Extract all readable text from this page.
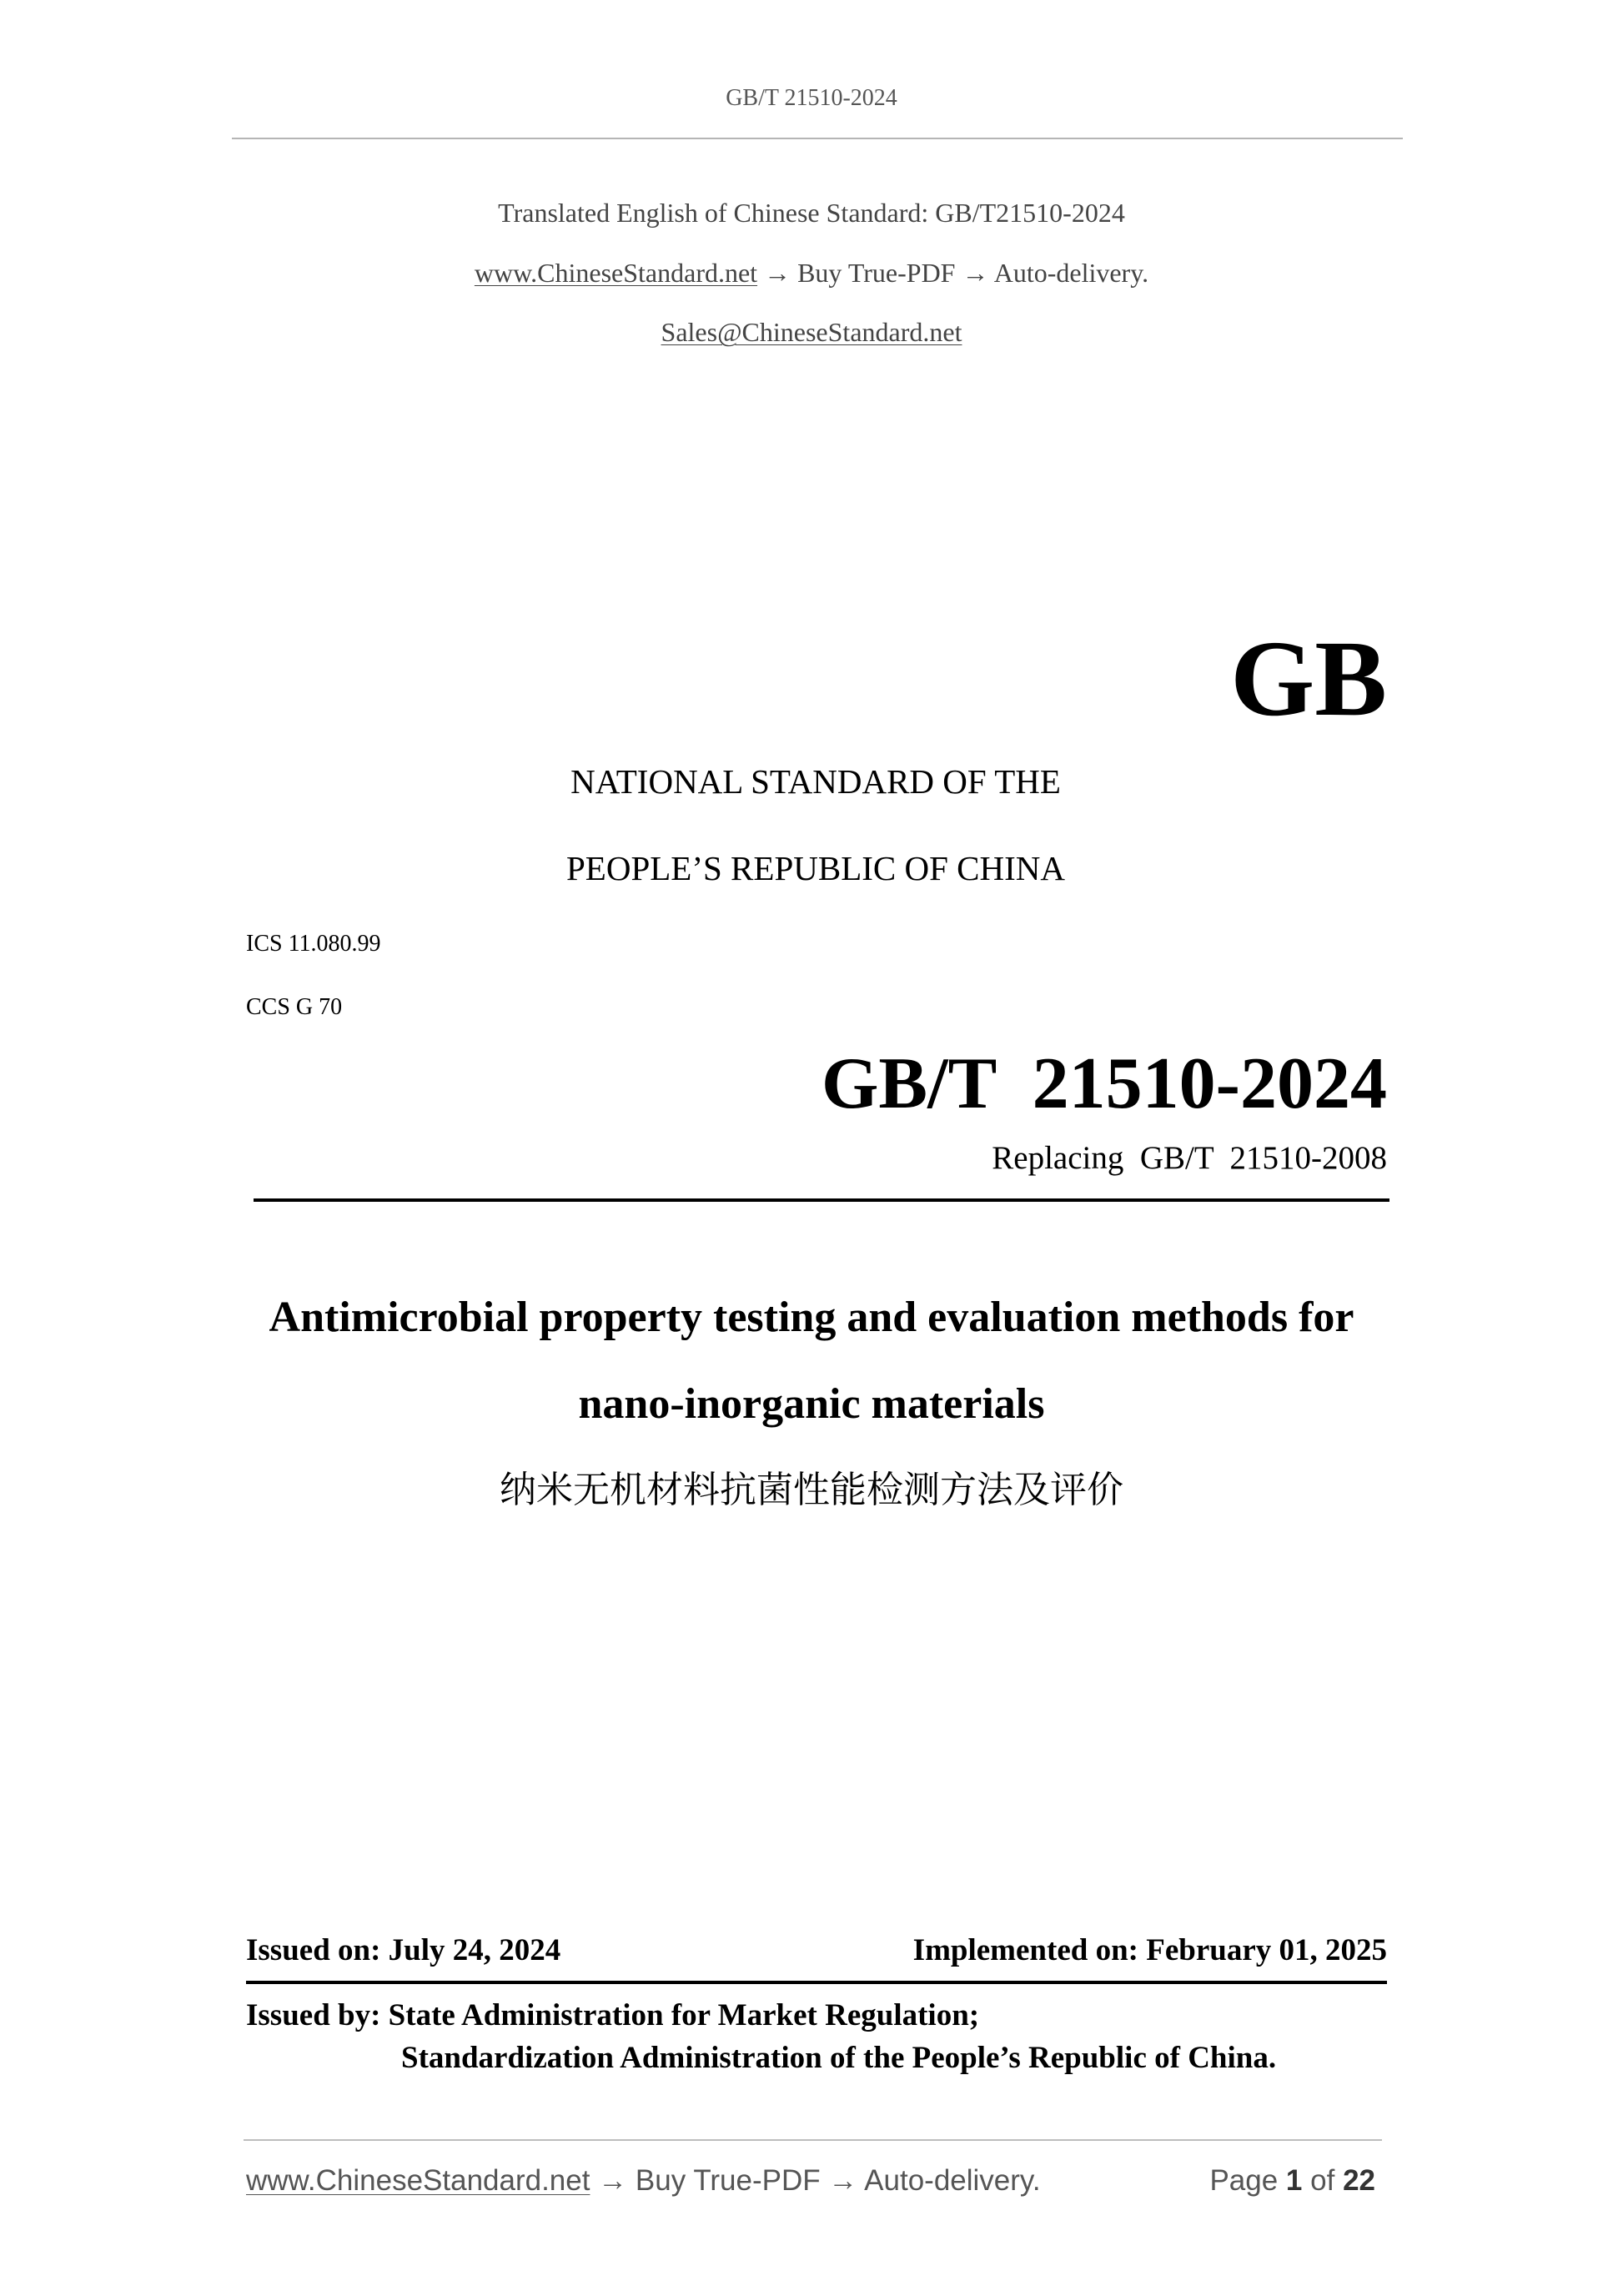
GB/T 21510-2024
Translated English of Chinese Standard: GB/T21510-2024
www.ChineseStandard.net → Buy True-PDF → Auto-delivery.
Sales@ChineseStandard.net
GB
NATIONAL STANDARD OF THE
PEOPLE’S REPUBLIC OF CHINA
ICS 11.080.99
CCS G 70
GB/T  21510-2024
Replacing  GB/T  21510-2008
Antimicrobial property testing and evaluation methods for
nano-inorganic materials
纳米无机材料抗菌性能检测方法及评价
Issued on: July 24, 2024	Implemented on: February 01, 2025
Issued by: State Administration for Market Regulation;
Standardization Administration of the People’s Republic of China.
www.ChineseStandard.net → Buy True-PDF → Auto-delivery.	Page 1 of 22
